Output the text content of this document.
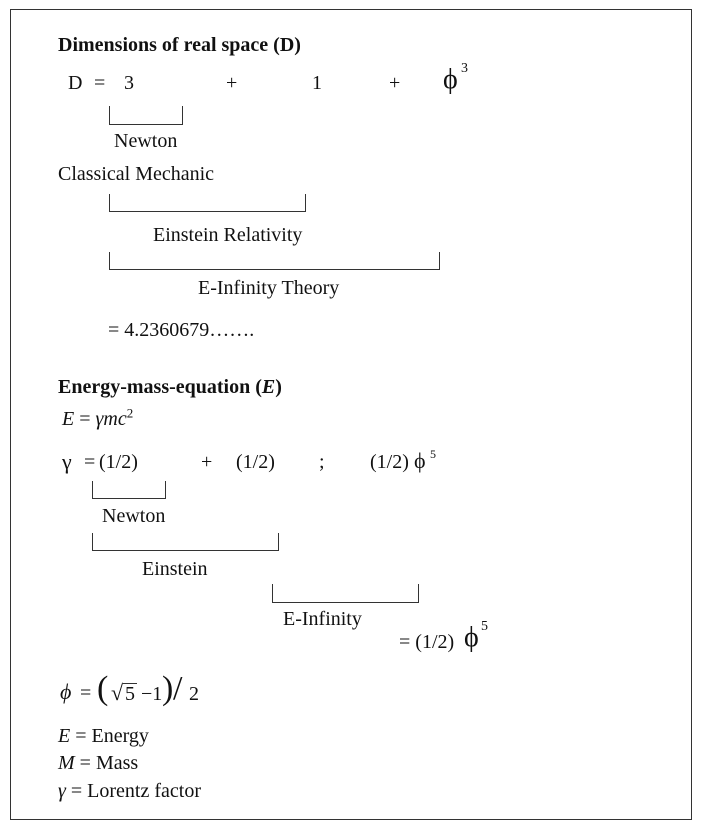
Dimensions of real space (D)
D = 3	+	1	+ ϕ 3
Newton
Classical Mechanic
Einstein Relativity
E-Infinity Theory
= 4.2360679…….
Energy-mass-equation (E)
E = γmc$^2$
γ = (1/2)	+ (1/2) ; (1/2) ϕ 5
Newton
Einstein
E-Infinity
= (1/2) ϕ 5
ϕ = ( √ 5 −1 ) / 2
E = Energy
M = Mass
γ = Lorentz factor
